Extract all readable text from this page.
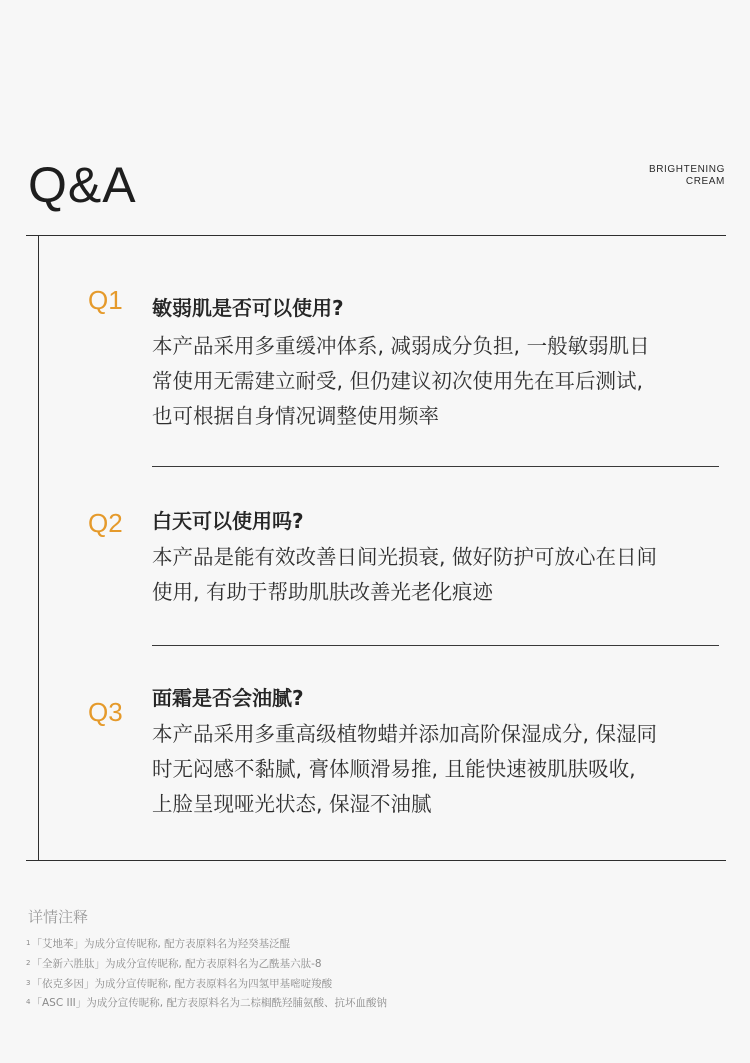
Q&A	BRIGHTENING
CREAM
Q1 敏弱肌是否可以使用?
本产品采用多重缓冲体系, 减弱成分负担, 一般敏弱肌日
常使用无需建立耐受, 但仍建议初次使用先在耳后测试,
也可根据自身情况调整使用频率
Q2 白天可以使用吗?
本产品是能有效改善日间光损衰, 做好防护可放心在日间
使用, 有助于帮助肌肤改善光老化痕迹
Q3 面霜是否会油腻?
本产品采用多重高级植物蜡并添加高阶保湿成分, 保湿同
时无闷感不黏腻, 膏体顺滑易推, 且能快速被肌肤吸收,
上脸呈现哑光状态, 保湿不油腻
详情注释
$^1$「艾地苯」为成分宣传昵称, 配方表原料名为羟癸基泛醌
$^2$「全新六胜肽」为成分宣传昵称, 配方表原料名为乙酰基六肽-8
$^3$「依克多因」为成分宣传昵称, 配方表原料名为四氢甲基嘧啶羧酸
$^4$「ASC III」为成分宣传昵称, 配方表原料名为二棕榈酰羟脯氨酸、抗坏血酸钠
